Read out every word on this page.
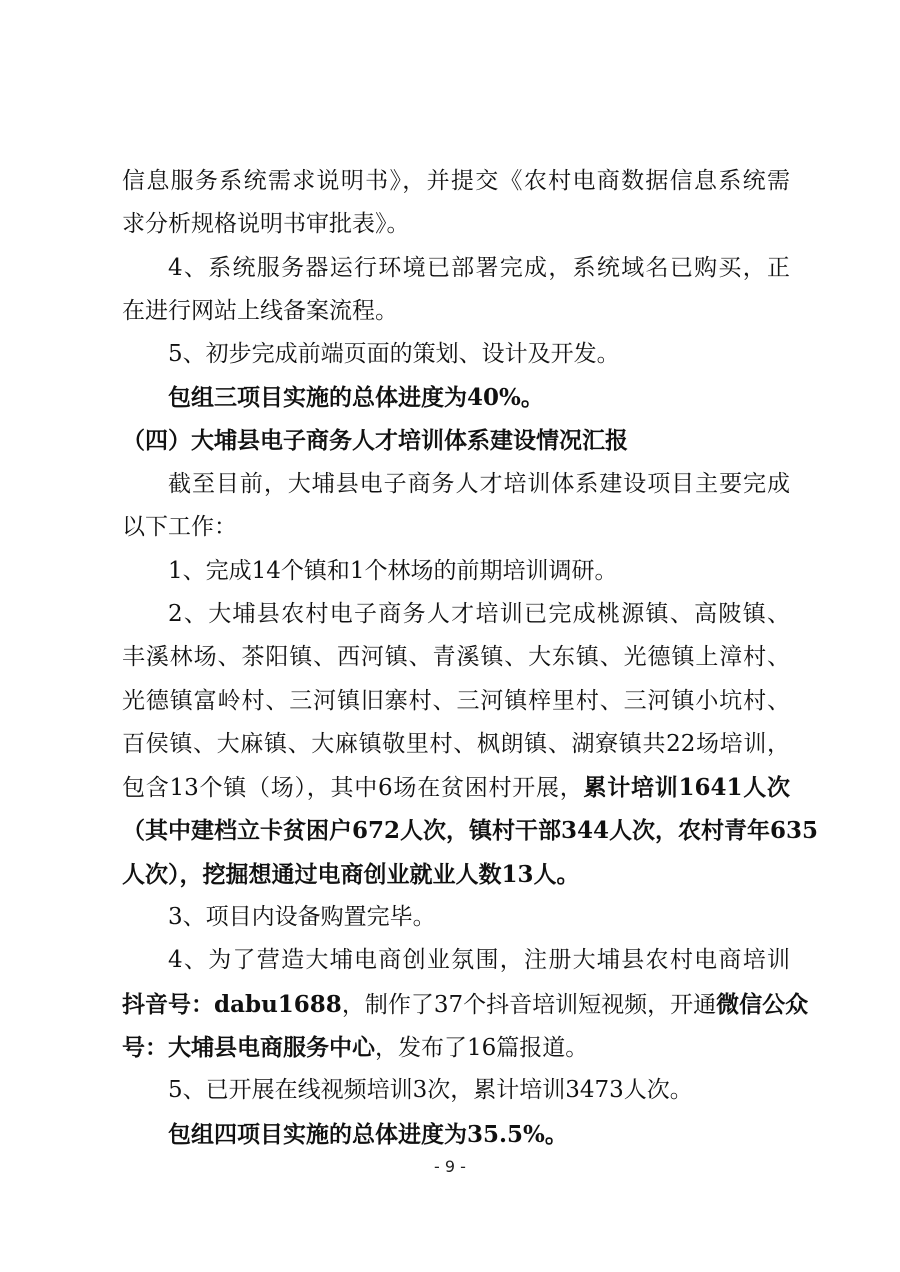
信息服务系统需求说明书》，并提交《农村电商数据信息系统需
求分析规格说明书审批表》。
4、系统服务器运行环境已部署完成，系统域名已购买，正
在进行网站上线备案流程。
5、初步完成前端页面的策划、设计及开发。
包组三项目实施的总体进度为40%。
（四）大埔县电子商务人才培训体系建设情况汇报
截至目前，大埔县电子商务人才培训体系建设项目主要完成
以下工作：
1、完成14个镇和1个林场的前期培训调研。
2、大埔县农村电子商务人才培训已完成桃源镇、高陂镇、
丰溪林场、茶阳镇、西河镇、青溪镇、大东镇、光德镇上漳村、
光德镇富岭村、三河镇旧寨村、三河镇梓里村、三河镇小坑村、
百侯镇、大麻镇、大麻镇敬里村、枫朗镇、湖寮镇共22场培训，
包含13个镇（场），其中6场在贫困村开展，累计培训1641人次
（其中建档立卡贫困户672人次，镇村干部344人次，农村青年635
人次），挖掘想通过电商创业就业人数13人。
3、项目内设备购置完毕。
4、为了营造大埔电商创业氛围，注册大埔县农村电商培训
抖音号：dabu1688，制作了37个抖音培训短视频，开通微信公众
号：大埔县电商服务中心，发布了16篇报道。
5、已开展在线视频培训3次，累计培训3473人次。
包组四项目实施的总体进度为35.5%。
- 9 -
